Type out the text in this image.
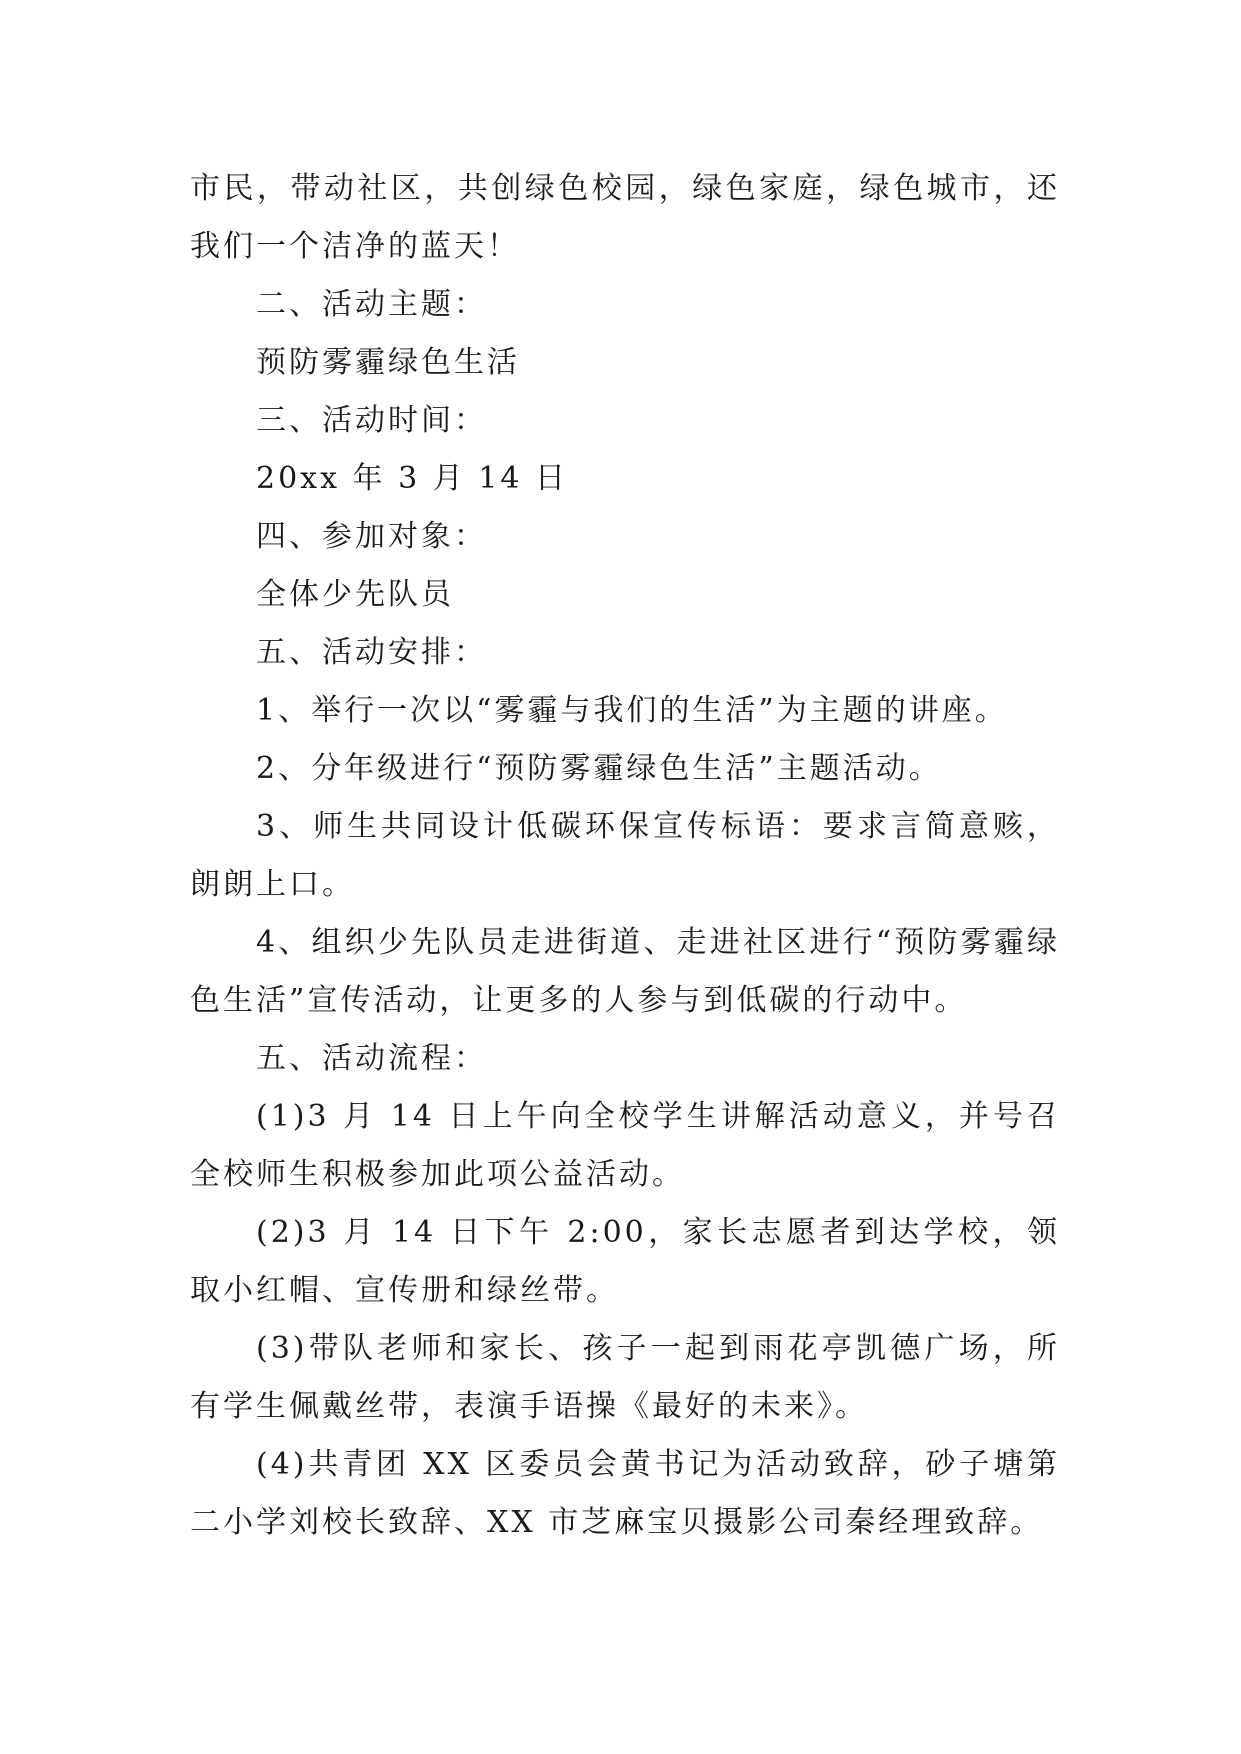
市民，带动社区，共创绿色校园，绿色家庭，绿色城市，还我们一个洁净的蓝天！

二、活动主题：

预防雾霾绿色生活

三、活动时间：

20xx 年 3 月 14 日

四、参加对象：

全体少先队员

五、活动安排：

1、举行一次以“雾霾与我们的生活”为主题的讲座。

2、分年级进行“预防雾霾绿色生活”主题活动。

3、师生共同设计低碳环保宣传标语：要求言简意赅，朗朗上口。

4、组织少先队员走进街道、走进社区进行“预防雾霾绿色生活”宣传活动，让更多的人参与到低碳的行动中。

五、活动流程：

(1)3 月 14 日上午向全校学生讲解活动意义，并号召全校师生积极参加此项公益活动。

(2)3 月 14 日下午 2:00，家长志愿者到达学校，领取小红帽、宣传册和绿丝带。

(3)带队老师和家长、孩子一起到雨花亭凯德广场，所有学生佩戴丝带，表演手语操《最好的未来》。

(4)共青团 XX 区委员会黄书记为活动致辞，砂子塘第二小学刘校长致辞、XX 市芝麻宝贝摄影公司秦经理致辞。
